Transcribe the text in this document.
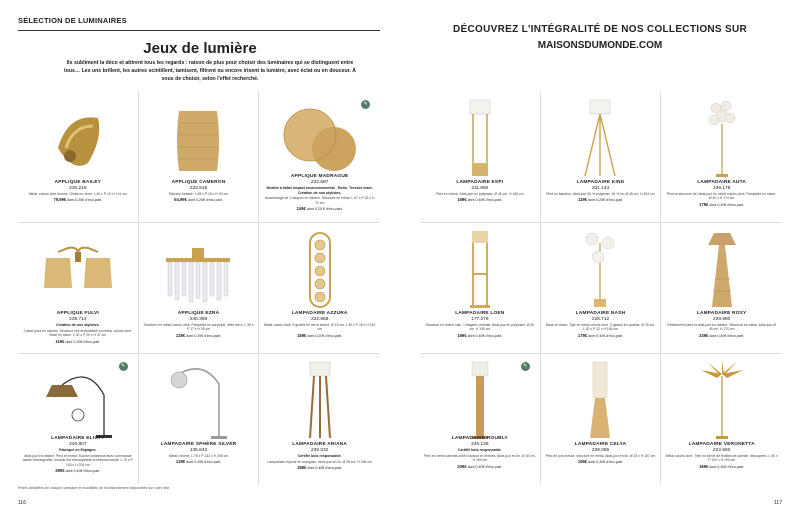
SÉLECTION DE LUMINAIRES
Jeux de lumière
Ils subliment la déco et attirent tous les regards : raison de plus pour choisir des luminaires qui se distinguent entre tous… Les uns brillent, les autres scintillent, tamisent, filtrent ou encore irisent la lumière, avec éclat ou en douceur. À vous de choisir, selon l'effet recherché.
APPLIQUE BAILEY
230.219
Métal, coloris doré brossé. Globe en verre. L 40 x P 10 x H 41 cm
79,99€ dont 0,20€ d'éco-part.
APPLIQUE CAMERON
233.918
Rabane tressée. L 65 x P 18 x H 40 cm
54,99€ dont 0,20€ d'éco-part.
✎
APPLIQUE MADRAGUE
232.687
Modèle à faible impact environnemental - Rotin. Tressée main. Création de nos stylistes.
Assemblage de 2 disques en rabane. Structure en métal. L 67 x P 32 x H 70 cm
149€ dont 0,20 € d'éco-part.
APPLIQUE FULVI
239.714
Création de nos stylistes.
2 abat-jours en rabane. Structure cire anomalisée en métal, coloris doré. Base en laiton. L 30 x P 20 x H 37 cm
119€ dont 0,20€ d'éco-part.
APPLIQUE EZRA
240.399
Structure en métal coloris doré. Pampilles en acrylique, effet verre. L 35 x P 17 x H 35 cm
129€ dont 0,20€ d'éco-part.
LAMPADAIRE AZZURA
232.888
Métal coloris doré. 5 globes en verre ambré, Ø 15 cm. L 30 x P 18 x H 140 cm
189€ dont 0,20€ d'éco-part.
✎
LAMPADAIRE ELIOTT
240.807
Fabriqué en Espagne.
Abat-jour en rabane. Pied en métal. Source lumineuse avec commande tactile rechargeable, module led rechargeable et télécommandé. L 70 x P 100 x H 226 cm
399€ dont 0,40€ d'éco-part.
LAMPADAIRE SPHÈRE SILVER
135.842
Métal chromé. L 78 x P 132 x H 206 cm
129€ dont 0,40€ d'éco-part.
LAMPADAIRE ARIANA
239.032
Certifié bois responsable.
Lampadaire tripode en manguier. Abat-jour en lin, Ø 35 cm. H 168 cm
189€ dont 0,40€ d'éco-part.
Prises détaillées de chaque luminaire et modalités de fonctionnement disponibles sur notre site.
116
DÉCOUVREZ L'INTÉGRALITÉ DE NOS COLLECTIONS SUR
MAISONSDUMONDE.COM
LAMPADAIRE ESPI
211.880
Pied en chêne. Abat-jour en polyester, Ø 45 cm. H 168 cm
169€ dont 0,40€ d'éco-part.
LAMPADAIRE KIND
201.144
Pied en bambou. Abat-jour 60 % polyester, 35 % lin, Ø 45 cm. H 154 cm
119€ dont 0,20€ d'éco-part.
LAMPADAIRE AUTA
239.179
Pied et structure de l'abat-jour en métal coloris doré. Pampilles en nacre. Ø 40 x H 174 cm
179€ dont 0,40€ d'éco-part.
LAMPADAIRE LOEN
177.279
Structure en chêne clair. 1 étagère centrale. Abat-jour en polyester, Ø 40 cm. H 155 cm
169€ dont 0,40€ d'éco-part.
LAMPADAIRE NASH
228.712
Base en laiton. Tige en métal coloris doré. 3 globes en opaline, Ø 25 cm. L 30 x P 22 x H 166 cm
179€ dont 0,40€ d'éco-part.
LAMPADAIRE ROSY
239.980
Revêtement pied et abat-jour en rabane. Structure en métal. Abat-jour Ø 45 cm. H 170 cm
239€ dont 0,40€ d'éco-part.
✎
LAMPADAIRE ROUBLY
240.139
Certifié bois responsable.
Pied en hévéa lamellé-collé d'acacia et d'hévéa. Abat-jour en lin, Ø 40 cm. H 160 cm
209€ dont 0,40€ d'éco-part.
LAMPADAIRE CELYA
239.065
Pied en jonc tressé, structure en métal. Abat-jour en lin. Ø 25 x H 157 cm
159€ dont 0,40€ d'éco-part.
LAMPADAIRE VERONETTA
222.660
Métal coloris doré. Tête en forme de feuilles de palmier, découpées. L 60 x P 100 x H 190 cm
169€ dont 0,40€ d'éco-part.
117
